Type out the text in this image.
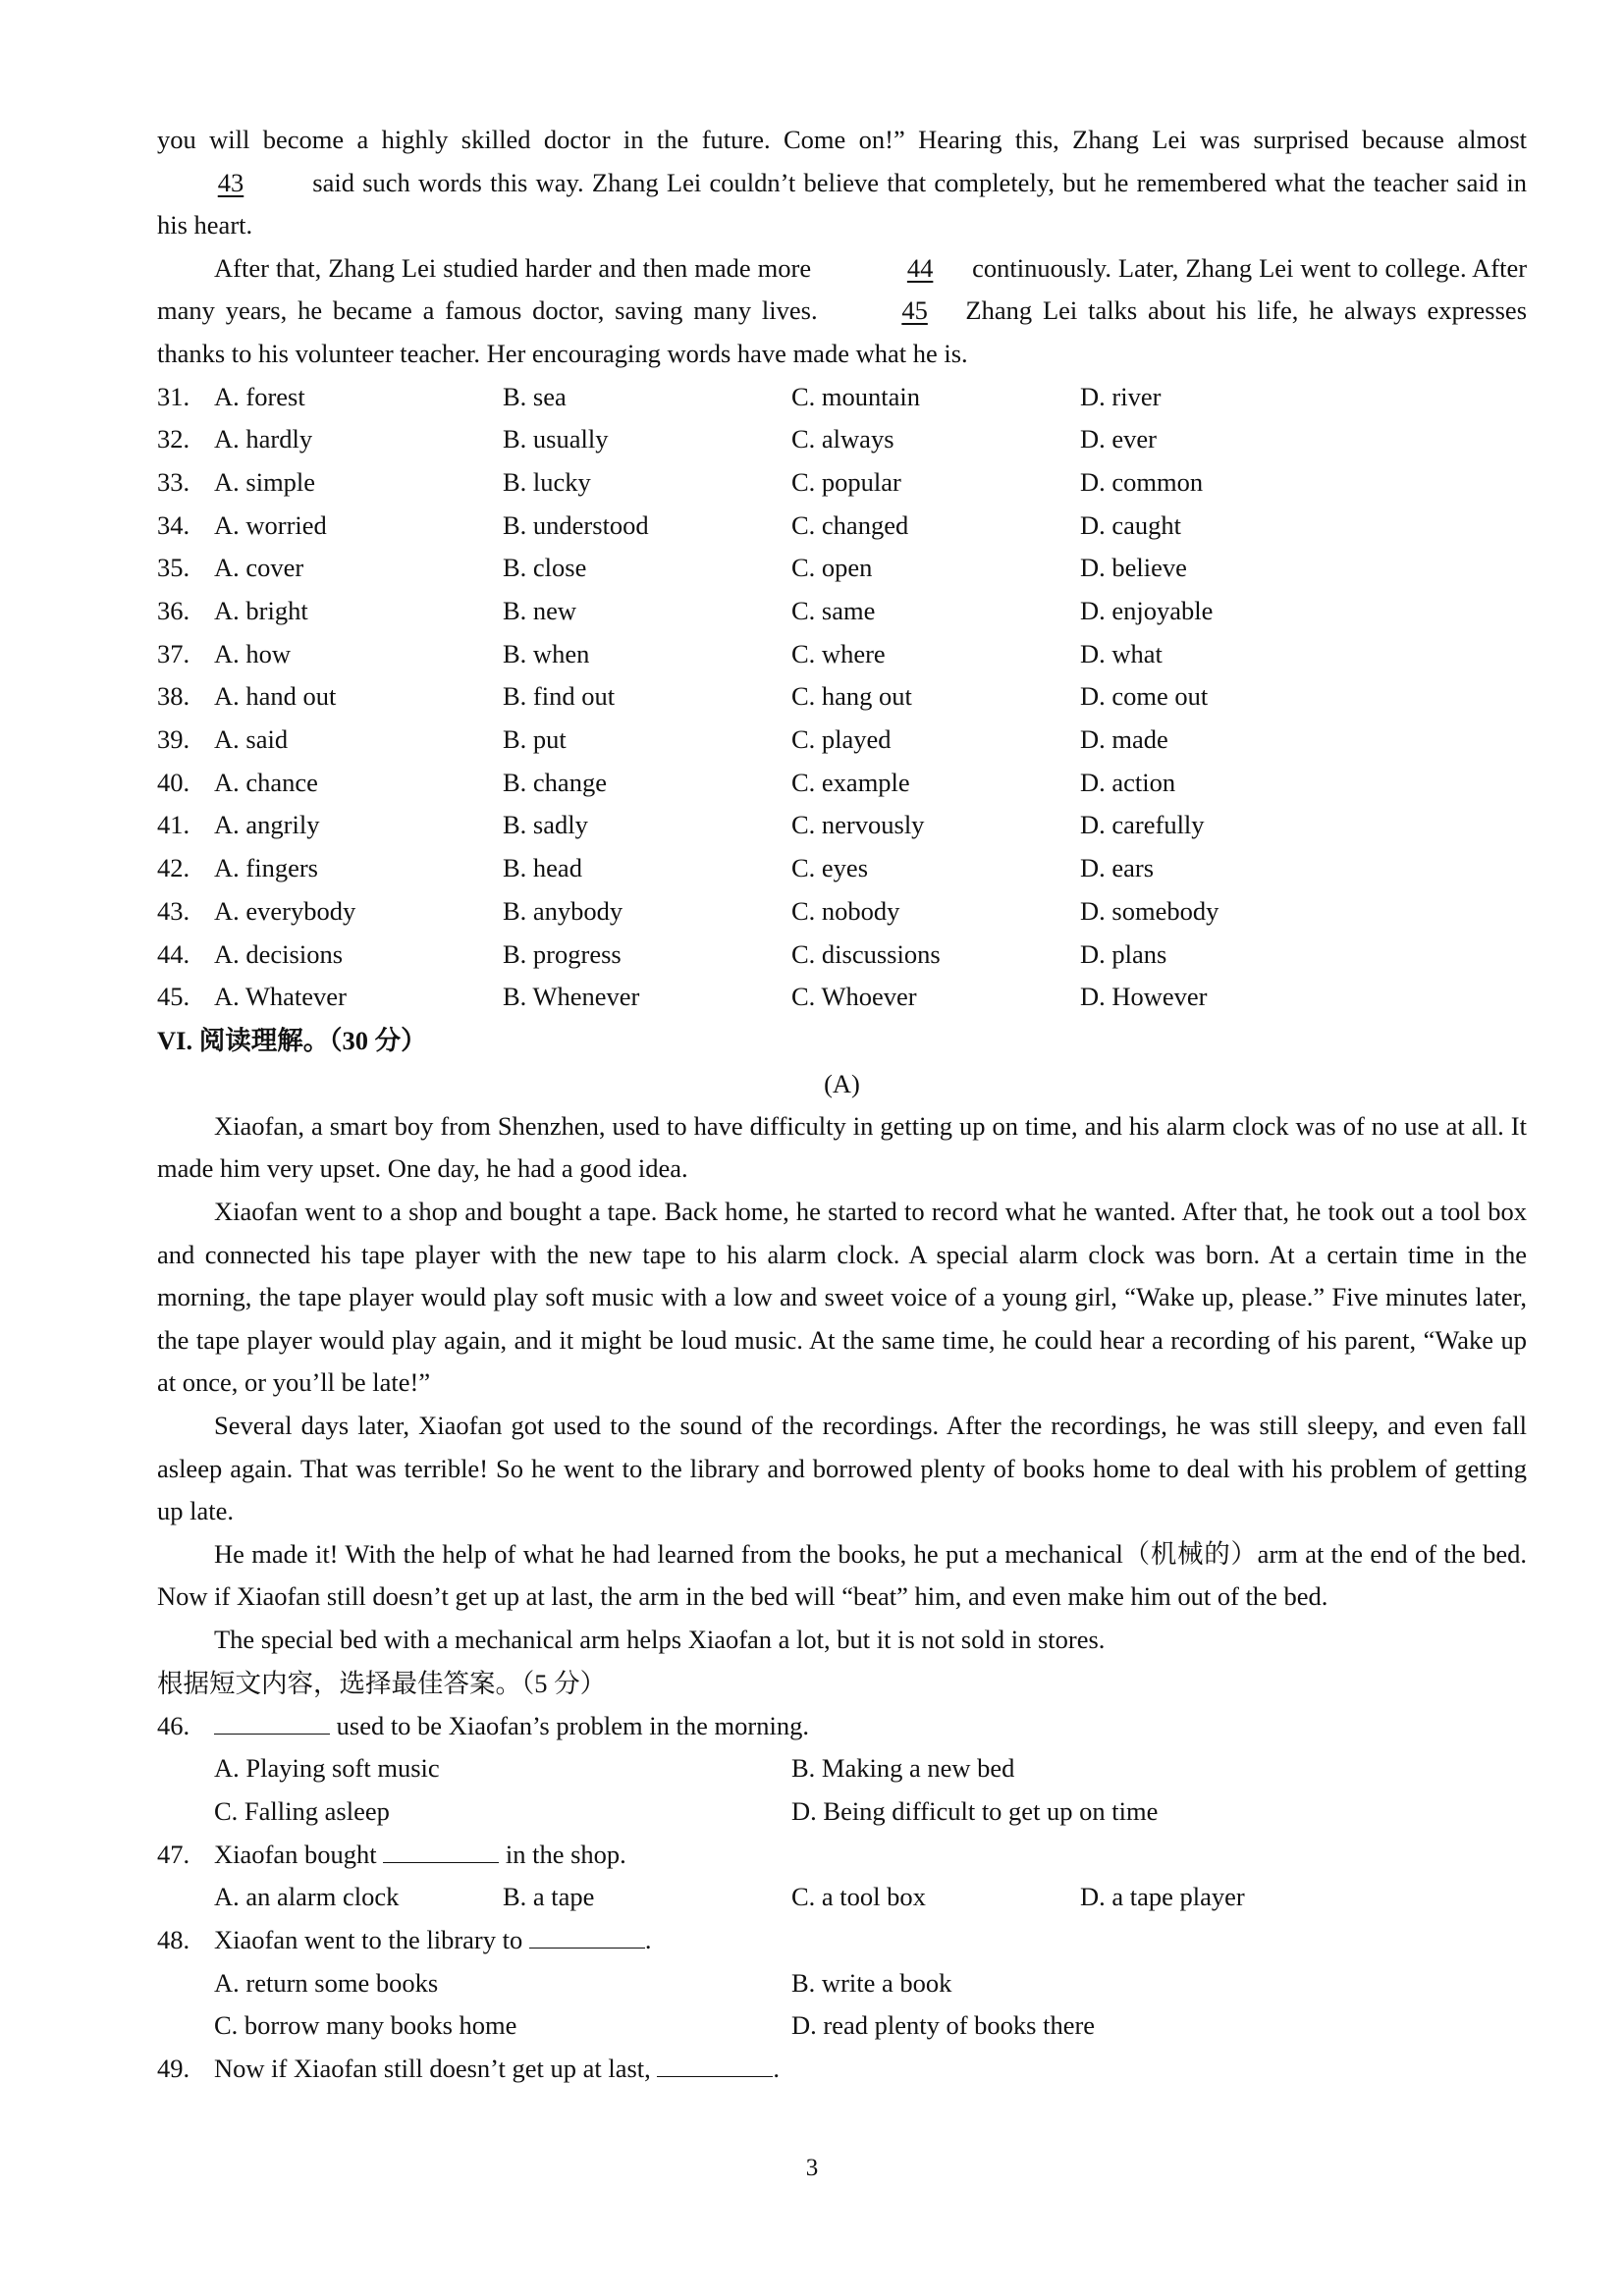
you will become a highly skilled doctor in the future. Come on!” Hearing this, Zhang Lei was surprised because almost 43	said such words this way. Zhang Lei couldn’t believe that completely, but he remembered what the teacher said in his heart.

After that, Zhang Lei studied harder and then made more	44 continuously. Later, Zhang Lei went to college. After many years, he became a famous doctor, saving many lives.	45 Zhang Lei talks about his life, he always expresses thanks to his volunteer teacher. Her encouraging words have made what he is.

31. A. forest	B. sea	C. mountain	D. river
32. A. hardly	B. usually	C. always	D. ever
33. A. simple	B. lucky	C. popular	D. common
34. A. worried	B. understood	C. changed	D. caught
35. A. cover	B. close	C. open	D. believe
36. A. bright	B. new	C. same	D. enjoyable
37. A. how	B. when	C. where	D. what
38. A. hand out	B. find out	C. hang out	D. come out
39. A. said	B. put	C. played	D. made
40. A. chance	B. change	C. example	D. action
41. A. angrily	B. sadly	C. nervously	D. carefully
42. A. fingers	B. head	C. eyes	D. ears
43. A. everybody	B. anybody	C. nobody	D. somebody
44. A. decisions	B. progress	C. discussions	D. plans
45. A. Whatever	B. Whenever	C. Whoever	D. However

VI. 阅读理解。（30 分）

(A)

Xiaofan, a smart boy from Shenzhen, used to have difficulty in getting up on time, and his alarm clock was of no use at all. It made him very upset. One day, he had a good idea.

Xiaofan went to a shop and bought a tape. Back home, he started to record what he wanted. After that, he took out a tool box and connected his tape player with the new tape to his alarm clock. A special alarm clock was born. At a certain time in the morning, the tape player would play soft music with a low and sweet voice of a young girl, “Wake up, please.” Five minutes later, the tape player would play again, and it might be loud music. At the same time, he could hear a recording of his parent, “Wake up at once, or you’ll be late!”

Several days later, Xiaofan got used to the sound of the recordings. After the recordings, he was still sleepy, and even fall asleep again. That was terrible! So he went to the library and borrowed plenty of books home to deal with his problem of getting up late.

He made it! With the help of what he had learned from the books, he put a mechanical（机械的）arm at the end of the bed. Now if Xiaofan still doesn’t get up at last, the arm in the bed will “beat” him, and even make him out of the bed.

The special bed with a mechanical arm helps Xiaofan a lot, but it is not sold in stores.

根据短文内容，选择最佳答案。（5 分）

46.	used to be Xiaofan’s problem in the morning.
A. Playing soft music	B. Making a new bed
C. Falling asleep	D. Being difficult to get up on time
47. Xiaofan bought	in the shop.
A. an alarm clock	B. a tape	C. a tool box	D. a tape player
48. Xiaofan went to the library to	.
A. return some books	B. write a book
C. borrow many books home	D. read plenty of books there
49. Now if Xiaofan still doesn’t get up at last,	.
3
